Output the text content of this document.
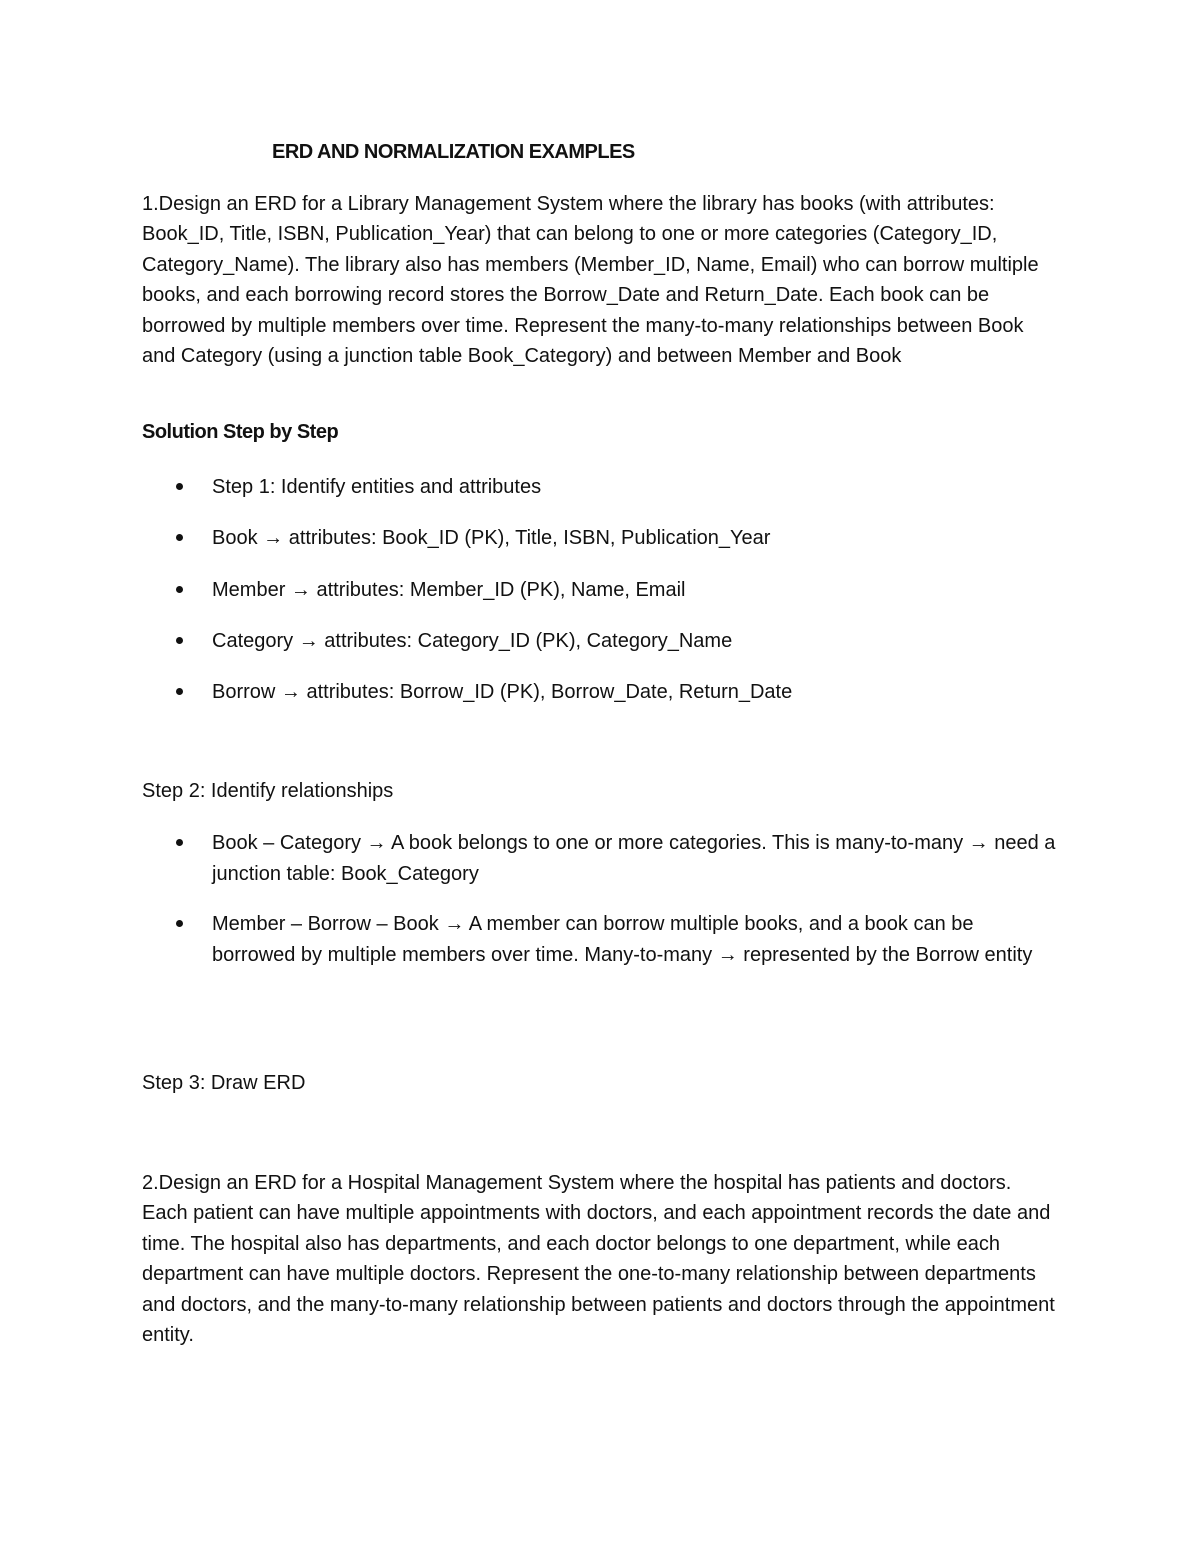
ERD AND NORMALIZATION EXAMPLES

1.Design an ERD for a Library Management System where the library has books (with attributes: Book_ID, Title, ISBN, Publication_Year) that can belong to one or more categories (Category_ID, Category_Name). The library also has members (Member_ID, Name, Email) who can borrow multiple books, and each borrowing record stores the Borrow_Date and Return_Date. Each book can be borrowed by multiple members over time. Represent the many-to-many relationships between Book and Category (using a junction table Book_Category) and between Member and Book

Solution Step by Step
Step 1: Identify entities and attributes
Book → attributes: Book_ID (PK), Title, ISBN, Publication_Year
Member → attributes: Member_ID (PK), Name, Email
Category → attributes: Category_ID (PK), Category_Name
Borrow → attributes: Borrow_ID (PK), Borrow_Date, Return_Date

Step 2: Identify relationships

Book – Category → A book belongs to one or more categories. This is many-to-many → need a junction table: Book_Category
Member – Borrow – Book → A member can borrow multiple books, and a book can be borrowed by multiple members over time. Many-to-many → represented by the Borrow entity

Step 3: Draw ERD

2.Design an ERD for a Hospital Management System where the hospital has patients and doctors. Each patient can have multiple appointments with doctors, and each appointment records the date and time. The hospital also has departments, and each doctor belongs to one department, while each department can have multiple doctors. Represent the one-to-many relationship between departments and doctors, and the many-to-many relationship between patients and doctors through the appointment entity.
